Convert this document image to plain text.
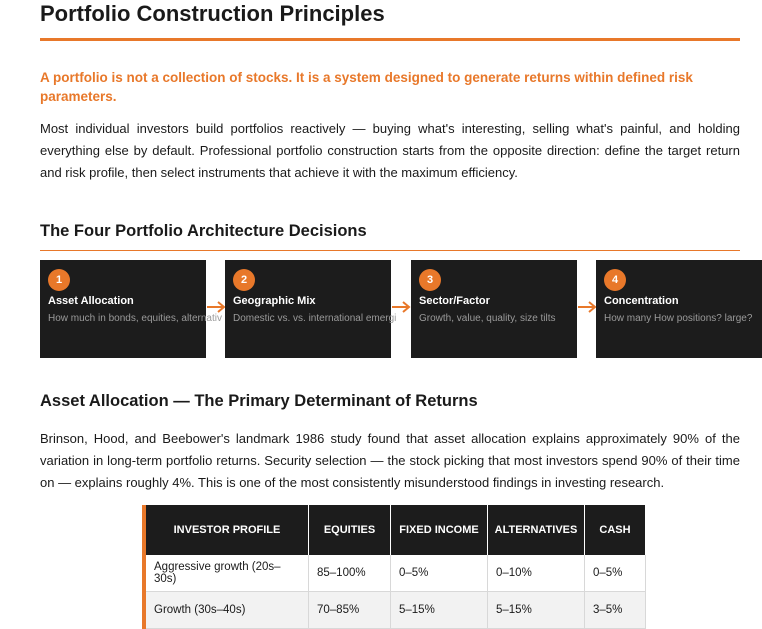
Portfolio Construction Principles
A portfolio is not a collection of stocks. It is a system designed to generate returns within defined risk parameters.
Most individual investors build portfolios reactively — buying what's interesting, selling what's painful, and holding everything else by default. Professional portfolio construction starts from the opposite direction: define the target return and risk profile, then select instruments that achieve it with the maximum efficiency.
The Four Portfolio Architecture Decisions
1
Asset Allocation
How much in bonds, equities, alternativ
2
Geographic Mix
Domestic vs. vs. international emergi
3
Sector/Factor
Growth, value, quality, size tilts
4
Concentration
How many How positions? large?
Asset Allocation — The Primary Determinant of Returns
Brinson, Hood, and Beebower's landmark 1986 study found that asset allocation explains approximately 90% of the variation in long-term portfolio returns. Security selection — the stock picking that most investors spend 90% of their time on — explains roughly 4%. This is one of the most consistently misunderstood findings in investing research.
INVESTOR PROFILE	EQUITIES	FIXED INCOME	ALTERNATIVES	CASH
Aggressive growth (20s–30s)	85–100%	0–5%	0–10%	0–5%
Growth (30s–40s)	70–85%	5–15%	5–15%	3–5%
